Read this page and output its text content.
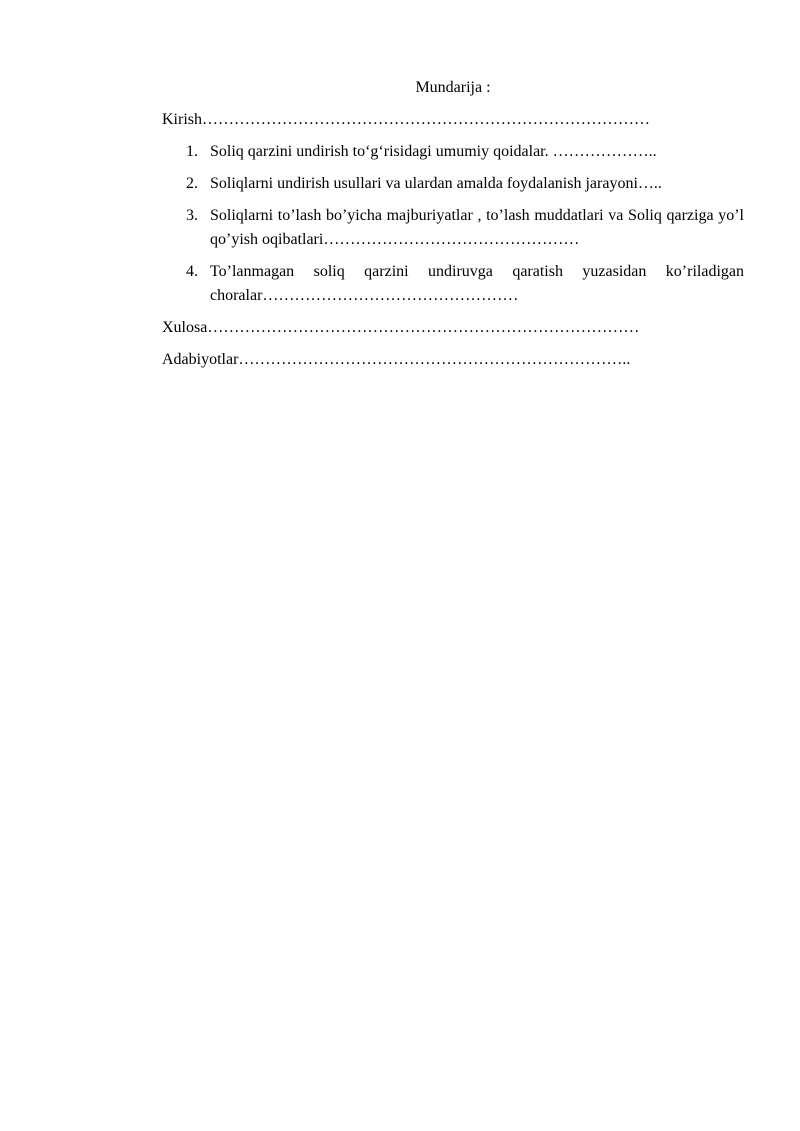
Mundarija :
Kirish…………………………………………………………………………
1. Soliq qarzini undirish to‘g‘risidagi umumiy qoidalar. ………………..
2. Soliqlarni undirish usullari va ulardan amalda foydalanish jarayoni…..
3. Soliqlarni to’lash bo’yicha majburiyatlar , to’lash muddatlari va Soliq qarziga yo’l qo’yish oqibatlari…………………………………………
4. To’lanmagan soliq qarzini undiruvga qaratish yuzasidan ko’riladigan choralar…………………………………………
Xulosa………………………………………………………………………
Adabiyotlar………………………………………………………………..
